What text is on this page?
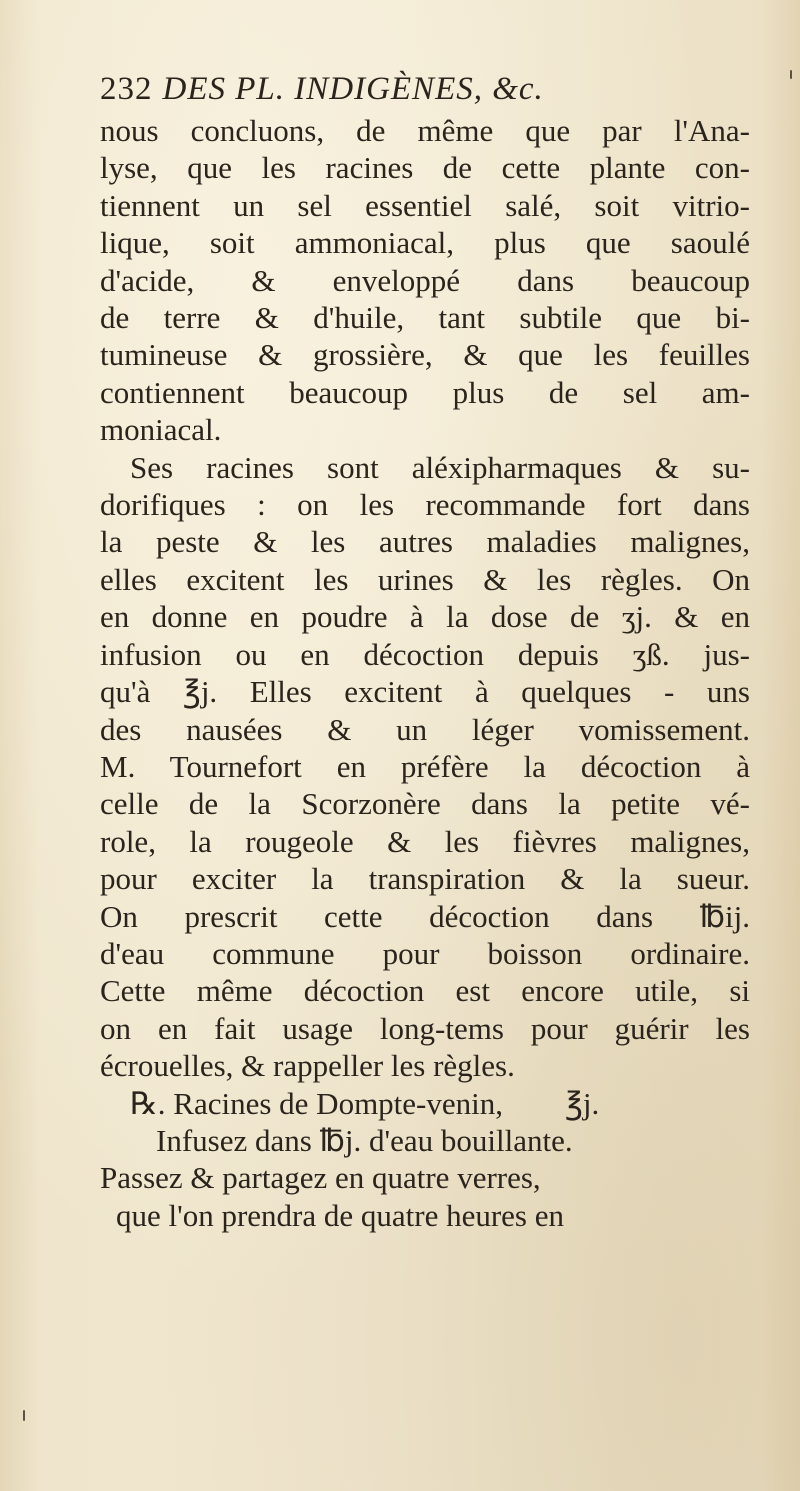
232 DES PL. INDIGÈNES, &c.
nous concluons, de même que par l'Ana-
lyse, que les racines de cette plante con-
tiennent un sel essentiel salé, soit vitrio-
lique, soit ammoniacal, plus que saoulé
d'acide, & enveloppé dans beaucoup
de terre & d'huile, tant subtile que bi-
tumineuse & grossière, & que les feuilles
contiennent beaucoup plus de sel am-
moniacal.
Ses racines sont aléxipharmaques & su-
dorifiques : on les recommande fort dans
la peste & les autres maladies malignes,
elles excitent les urines & les règles. On
en donne en poudre à la dose de ʒj. & en
infusion ou en décoction depuis ʒß. jus-
qu'à ℥j. Elles excitent à quelques - uns
des nausées & un léger vomissement.
M. Tournefort en préfère la décoction à
celle de la Scorzonère dans la petite vé-
role, la rougeole & les fièvres malignes,
pour exciter la transpiration & la sueur.
On prescrit cette décoction dans ℔ij.
d'eau commune pour boisson ordinaire.
Cette même décoction est encore utile, si
on en fait usage long-tems pour guérir les
écrouelles, & rappeller les règles.
℞. Racines de Dompte-venin,        ℥j.
Infusez dans ℔j. d'eau bouillante.
Passez & partagez en quatre verres,
que l'on prendra de quatre heures en
